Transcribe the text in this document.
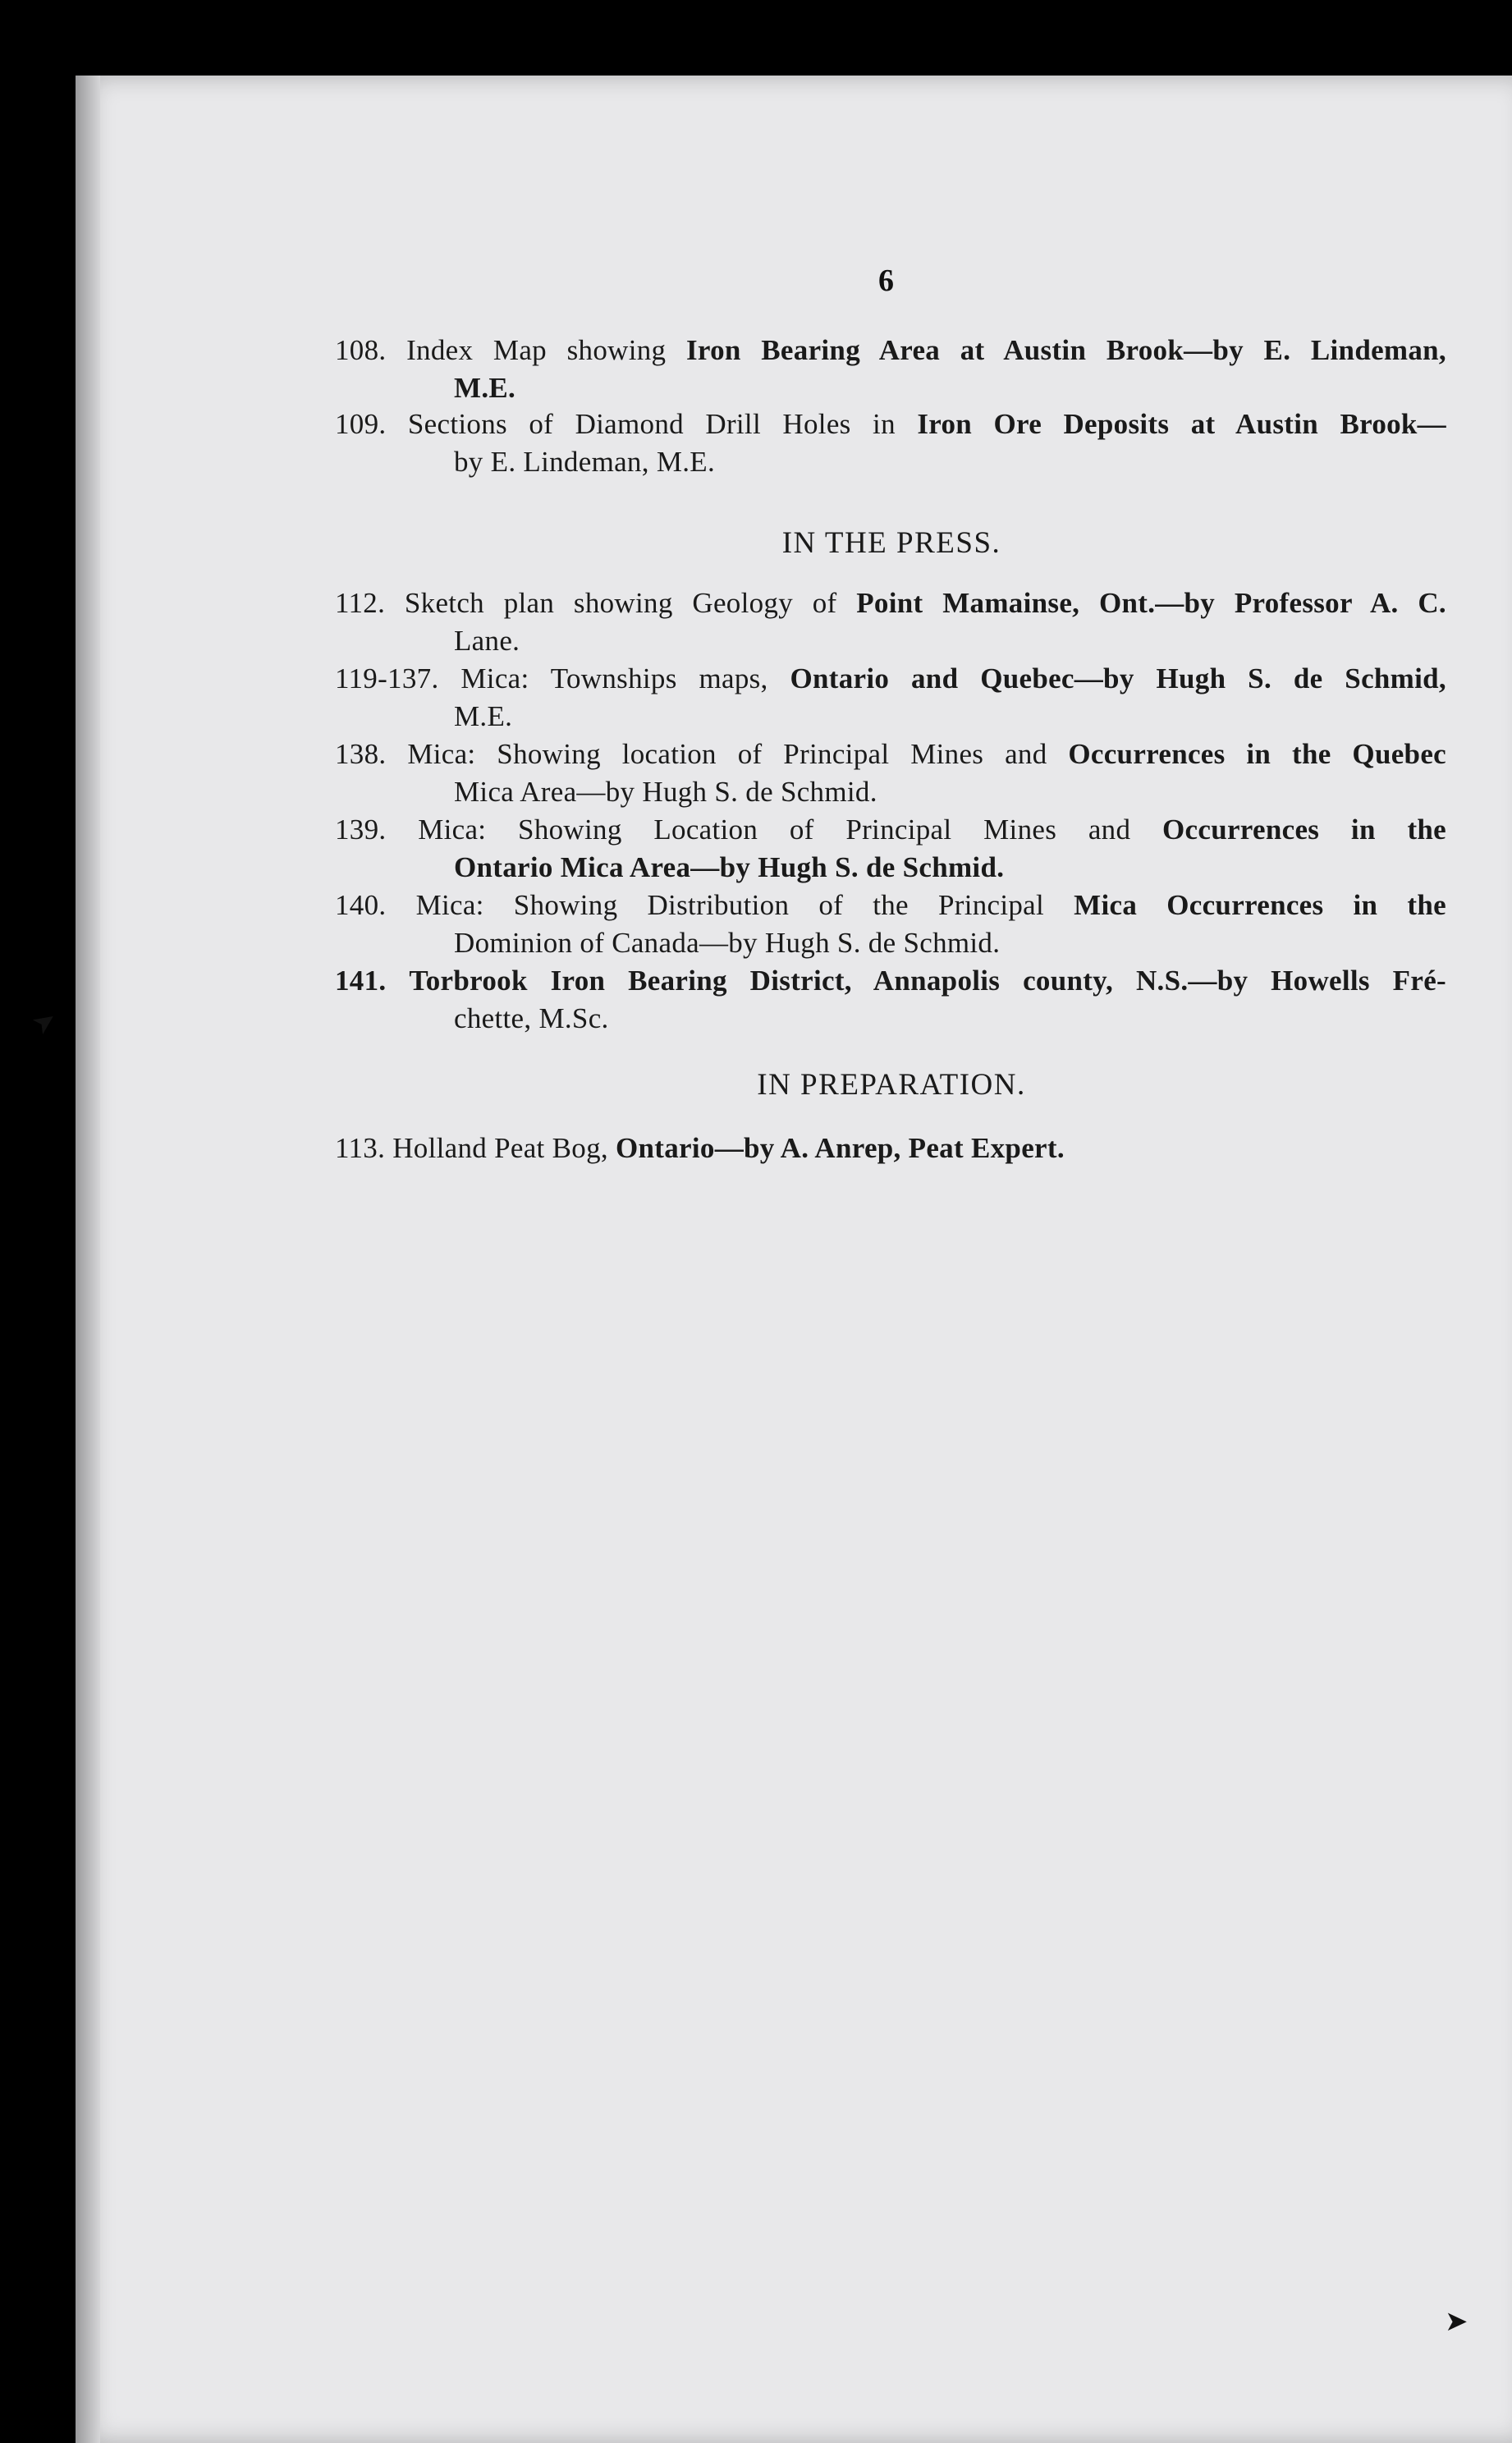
6
108. Index Map showing Iron Bearing Area at Austin Brook—by E. Lindeman,
M.E.
109. Sections of Diamond Drill Holes in Iron Ore Deposits at Austin Brook—
by E. Lindeman, M.E.
IN THE PRESS.
112. Sketch plan showing Geology of Point Mamainse, Ont.—by Professor A. C.
Lane.
119-137. Mica: Townships maps, Ontario and Quebec—by Hugh S. de Schmid,
M.E.
138. Mica: Showing location of Principal Mines and Occurrences in the Quebec
Mica Area—by Hugh S. de Schmid.
139. Mica: Showing Location of Principal Mines and Occurrences in the
Ontario Mica Area—by Hugh S. de Schmid.
140. Mica: Showing Distribution of the Principal Mica Occurrences in the
Dominion of Canada—by Hugh S. de Schmid.
141. Torbrook Iron Bearing District, Annapolis county, N.S.—by Howells Fré-
chette, M.Sc.
IN PREPARATION.
113. Holland Peat Bog, Ontario—by A. Anrep, Peat Expert.
➤
➤
